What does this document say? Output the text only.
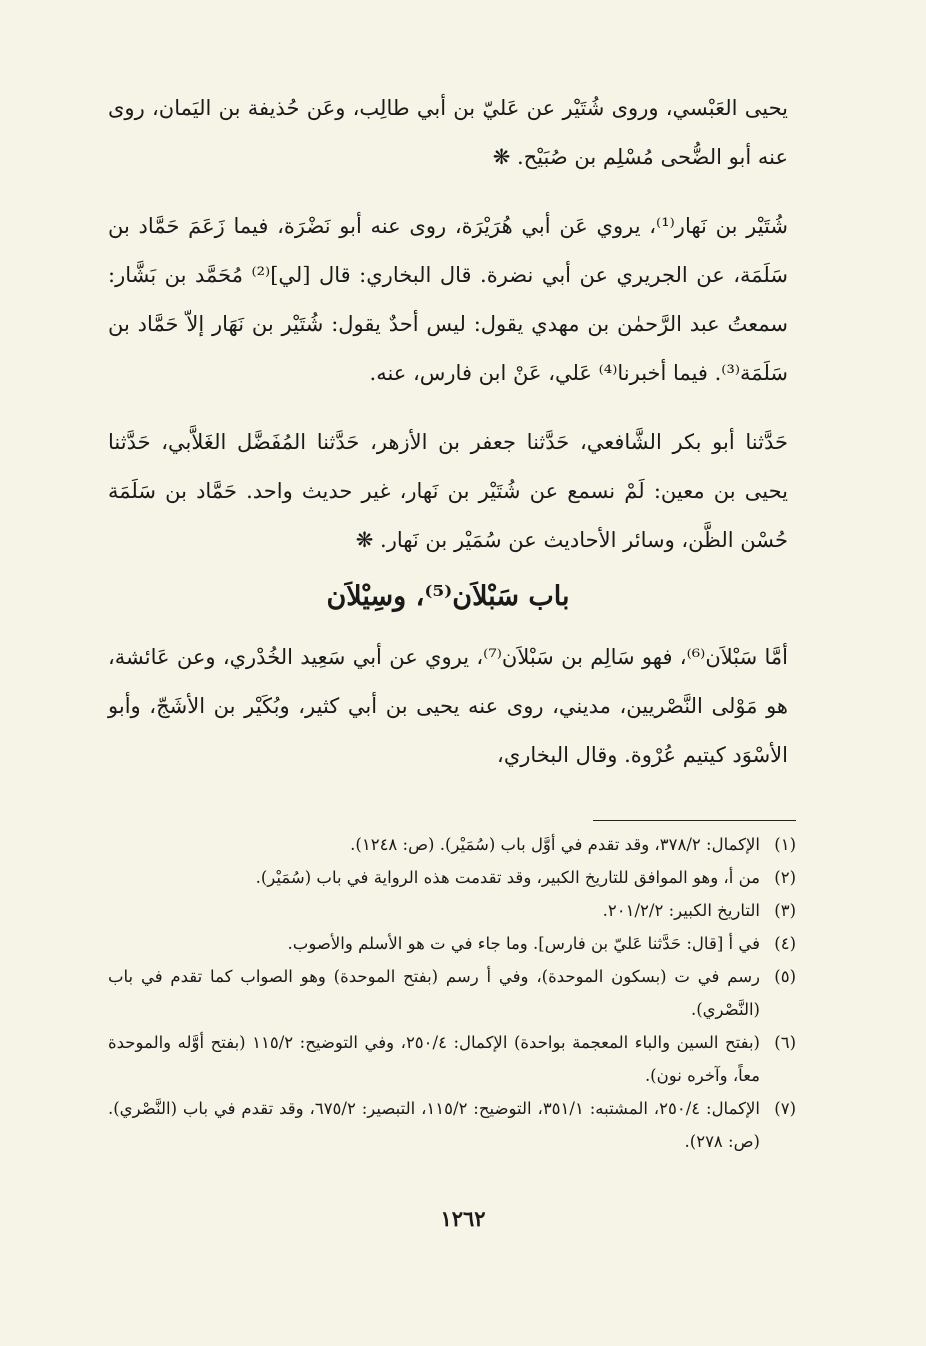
يحيى العَبْسي، وروى شُتَيْر عن عَليّ بن أبي طالِب، وعَن حُذيفة بن اليَمان، روى عنه أبو الضُّحى مُسْلِم بن صُبَيْح. ❋

شُتَيْر بن نَهار⁽¹⁾، يروي عَن أبي هُرَيْرَة، روى عنه أبو نَضْرَة، فيما زَعَمَ حَمَّاد بن سَلَمَة، عن الجريري عن أبي نضرة. قال البخاري: قال [لي]⁽²⁾ مُحَمَّد بن بَشَّار: سمعتُ عبد الرَّحمٰن بن مهدي يقول: ليس أحدٌ يقول: شُتَيْر بن نَهَار إلاّ حَمَّاد بن سَلَمَة⁽³⁾. فيما أخبرنا⁽⁴⁾ عَلي، عَنْ ابن فارس، عنه.

حَدَّثنا أبو بكر الشَّافعي، حَدَّثنا جعفر بن الأزهر، حَدَّثنا المُفَضَّل الغَلاَّبي، حَدَّثنا يحيى بن معين: لَمْ نسمع عن شُتَيْر بن نَهار، غير حديث واحد. حَمَّاد بن سَلَمَة حُسْن الظَّن، وسائر الأحاديث عن سُمَيْر بن نَهار. ❋

باب سَبْلاَن⁽⁵⁾، وسِيْلاَن

أمَّا سَبْلاَن⁽⁶⁾، فهو سَالِم بن سَبْلاَن⁽⁷⁾، يروي عن أبي سَعِيد الخُدْري، وعن عَائشة، هو مَوْلى النَّصْريين، مديني، روى عنه يحيى بن أبي كثير، وبُكَيْر بن الأشَجّ، وأبو الأسْوَد كيتيم عُرْوة. وقال البخاري،

(١)
الإكمال: ٣٧٨/٢، وقد تقدم في أوَّل باب (سُمَيْر). (ص: ١٢٤٨).
(٢)
من أ، وهو الموافق للتاريخ الكبير، وقد تقدمت هذه الرواية في باب (سُمَيْر).
(٣)
التاريخ الكبير: ٢٠١/٢/٢.
(٤)
في أ [قال: حَدَّثنا عَليّ بن فارس]. وما جاء في ت هو الأسلم والأصوب.
(٥)
رسم في ت (بسكون الموحدة)، وفي أ رسم (بفتح الموحدة) وهو الصواب كما تقدم في باب (النَّصْري).
(٦)
(بفتح السين والباء المعجمة بواحدة) الإكمال: ٢٥٠/٤، وفي التوضيح: ١١٥/٢ (بفتح أوَّله والموحدة معاً، وآخره نون).
(٧)
الإكمال: ٢٥٠/٤، المشتبه: ٣٥١/١، التوضيح: ١١٥/٢، التبصير: ٦٧٥/٢، وقد تقدم في باب (النَّصْري). (ص: ٢٧٨).
١٢٦٢
